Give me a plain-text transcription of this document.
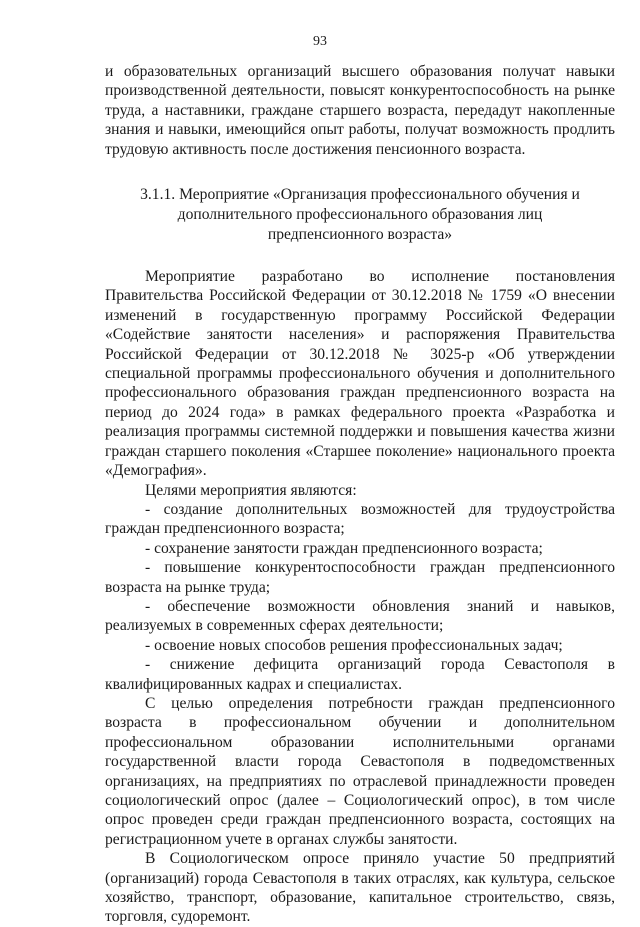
93

и образовательных организаций высшего образования получат навыки производственной деятельности, повысят конкурентоспособность на рынке труда, а наставники, граждане старшего возраста, передадут накопленные знания и навыки, имеющийся опыт работы, получат возможность продлить трудовую активность после достижения пенсионного возраста.

3.1.1. Мероприятие «Организация профессионального обучения и дополнительного профессионального образования лиц предпенсионного возраста»

Мероприятие разработано во исполнение постановления Правительства Российской Федерации от 30.12.2018 № 1759 «О внесении изменений в государственную программу Российской Федерации «Содействие занятости населения» и распоряжения Правительства Российской Федерации от 30.12.2018 № 3025-р «Об утверждении специальной программы профессионального обучения и дополнительного профессионального образования граждан предпенсионного возраста на период до 2024 года» в рамках федерального проекта «Разработка и реализация программы системной поддержки и повышения качества жизни граждан старшего поколения «Старшее поколение» национального проекта «Демография».

Целями мероприятия являются:

- создание дополнительных возможностей для трудоустройства граждан предпенсионного возраста;

- сохранение занятости граждан предпенсионного возраста;

- повышение конкурентоспособности граждан предпенсионного возраста на рынке труда;

- обеспечение возможности обновления знаний и навыков, реализуемых в современных сферах деятельности;

- освоение новых способов решения профессиональных задач;

- снижение дефицита организаций города Севастополя в квалифицированных кадрах и специалистах.

С целью определения потребности граждан предпенсионного возраста в профессиональном обучении и дополнительном профессиональном образовании исполнительными органами государственной власти города Севастополя в подведомственных организациях, на предприятиях по отраслевой принадлежности проведен социологический опрос (далее – Социологический опрос), в том числе опрос проведен среди граждан предпенсионного возраста, состоящих на регистрационном учете в органах службы занятости.

В Социологическом опросе приняло участие 50 предприятий (организаций) города Севастополя в таких отраслях, как культура, сельское хозяйство, транспорт, образование, капитальное строительство, связь, торговля, судоремонт.
